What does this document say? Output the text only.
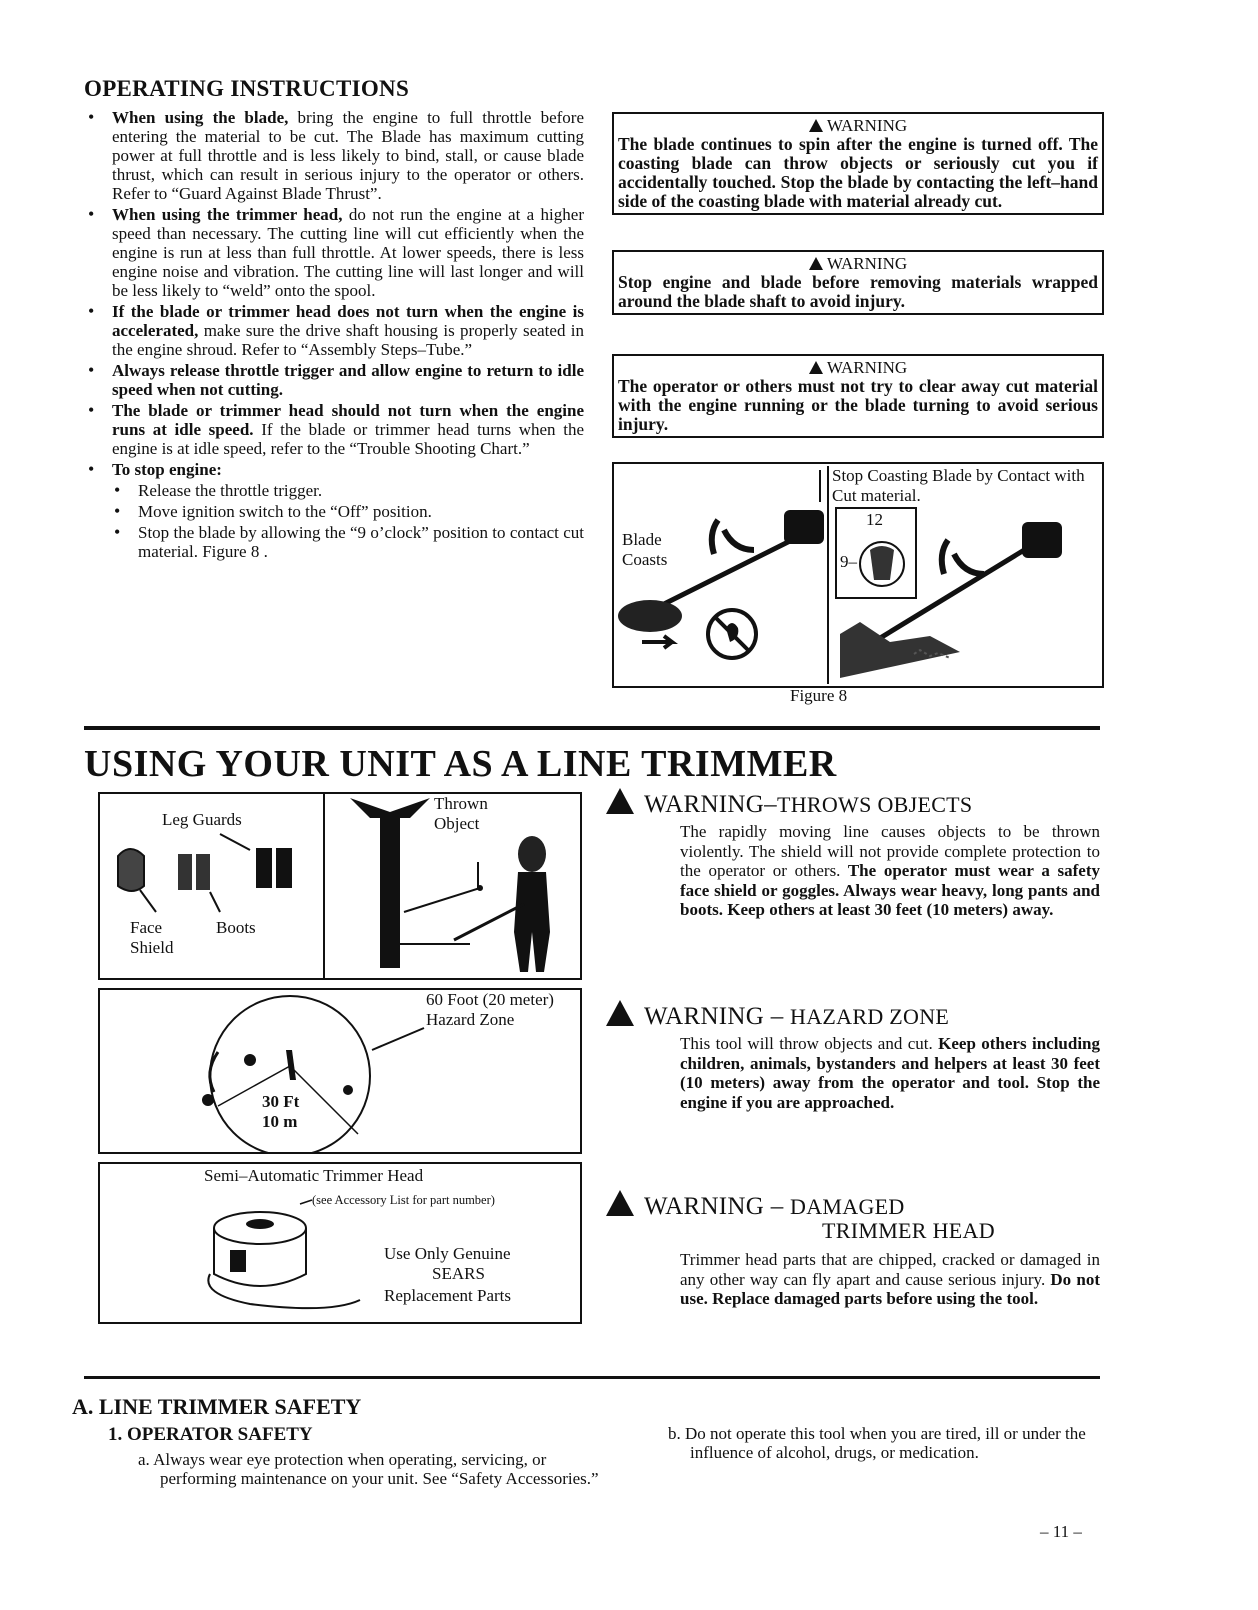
OPERATING INSTRUCTIONS
• When using the blade, bring the engine to full throttle before entering the material to be cut. The Blade has maximum cutting power at full throttle and is less likely to bind, stall, or cause blade thrust, which can result in serious injury to the operator or others. Refer to “Guard Against Blade Thrust”.
• When using the trimmer head, do not run the engine at a higher speed than necessary. The cutting line will cut efficiently when the engine is run at less than full throttle. At lower speeds, there is less engine noise and vibration. The cutting line will last longer and will be less likely to “weld” onto the spool.
• If the blade or trimmer head does not turn when the engine is accelerated, make sure the drive shaft housing is properly seated in the engine shroud. Refer to “Assembly Steps–Tube.”
• Always release throttle trigger and allow engine to return to idle speed when not cutting.
• The blade or trimmer head should not turn when the engine runs at idle speed. If the blade or trimmer head turns when the engine is at idle speed, refer to the “Trouble Shooting Chart.”
• To stop engine:
• Release the throttle trigger.
• Move ignition switch to the “Off” position.
• Stop the blade by allowing the “9 o’clock” position to contact cut material. Figure 8 .
WARNING
The blade continues to spin after the engine is turned off. The coasting blade can throw objects or seriously cut you if accidentally touched. Stop the blade by contacting the left–hand side of the coasting blade with material already cut.
WARNING
Stop engine and blade before removing materials wrapped around the blade shaft to avoid injury.
WARNING
The operator or others must not try to clear away cut material with the engine running or the blade turning to avoid serious injury.
Stop Coasting Blade by Contact with Cut material.
Blade Coasts
12
9–
Figure 8
USING YOUR UNIT AS A LINE TRIMMER
Leg Guards
Face Shield
Boots
Thrown Object
60 Foot (20 meter) Hazard Zone
30 Ft
10 m
Semi–Automatic Trimmer Head
(see Accessory List for part number)
Use Only Genuine
SEARS
Replacement Parts
WARNING–THROWS OBJECTS
The rapidly moving line causes objects to be thrown violently. The shield will not provide complete protection to the operator or others. The operator must wear a safety face shield or goggles. Always wear heavy, long pants and boots. Keep others at least 30 feet (10 meters) away.
WARNING – HAZARD ZONE
This tool will throw objects and cut. Keep others including children, animals, bystanders and helpers at least 30 feet (10 meters) away from the operator and tool. Stop the engine if you are approached.
WARNING – DAMAGED
TRIMMER HEAD
Trimmer head parts that are chipped, cracked or damaged in any other way can fly apart and cause serious injury. Do not use. Replace damaged parts before using the tool.
A. LINE TRIMMER SAFETY
1. OPERATOR SAFETY
a. Always wear eye protection when operating, servicing, or performing maintenance on your unit. See “Safety Accessories.”
b. Do not operate this tool when you are tired, ill or under the influence of alcohol, drugs, or medication.
– 11 –
